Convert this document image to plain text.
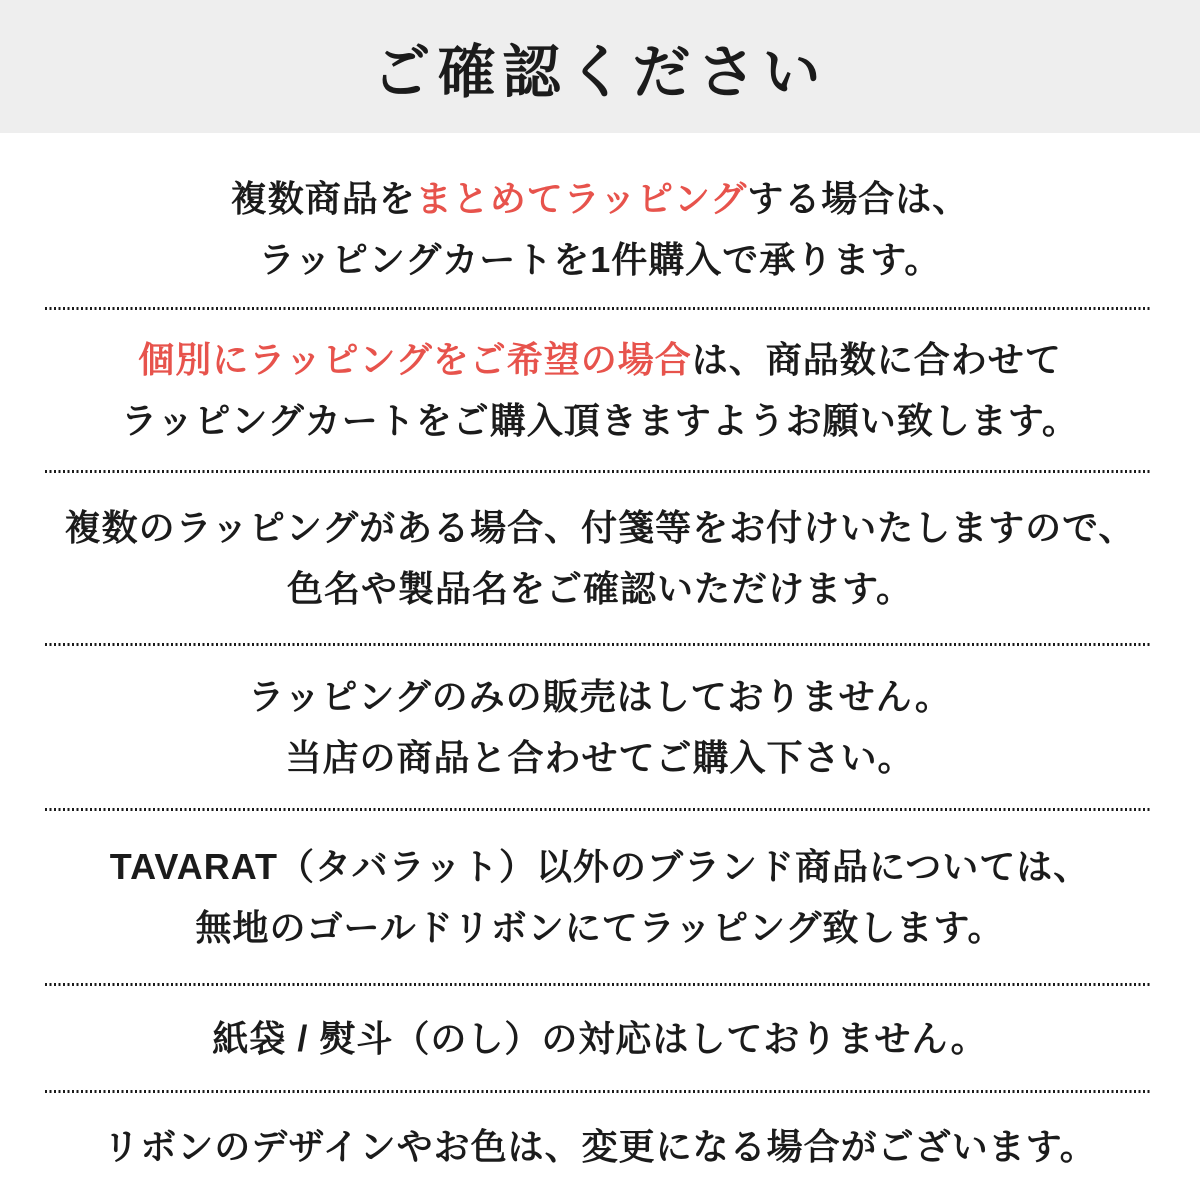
ご確認ください
複数商品をまとめてラッピングする場合は、
ラッピングカートを1件購入で承ります。
個別にラッピングをご希望の場合は、商品数に合わせて
ラッピングカートをご購入頂きますようお願い致します。
複数のラッピングがある場合、付箋等をお付けいたしますので、
色名や製品名をご確認いただけます。
ラッピングのみの販売はしておりません。
当店の商品と合わせてご購入下さい。
TAVARAT（タバラット）以外のブランド商品については、
無地のゴールドリボンにてラッピング致します。
紙袋 / 熨斗（のし）の対応はしておりません。
リボンのデザインやお色は、変更になる場合がございます。
